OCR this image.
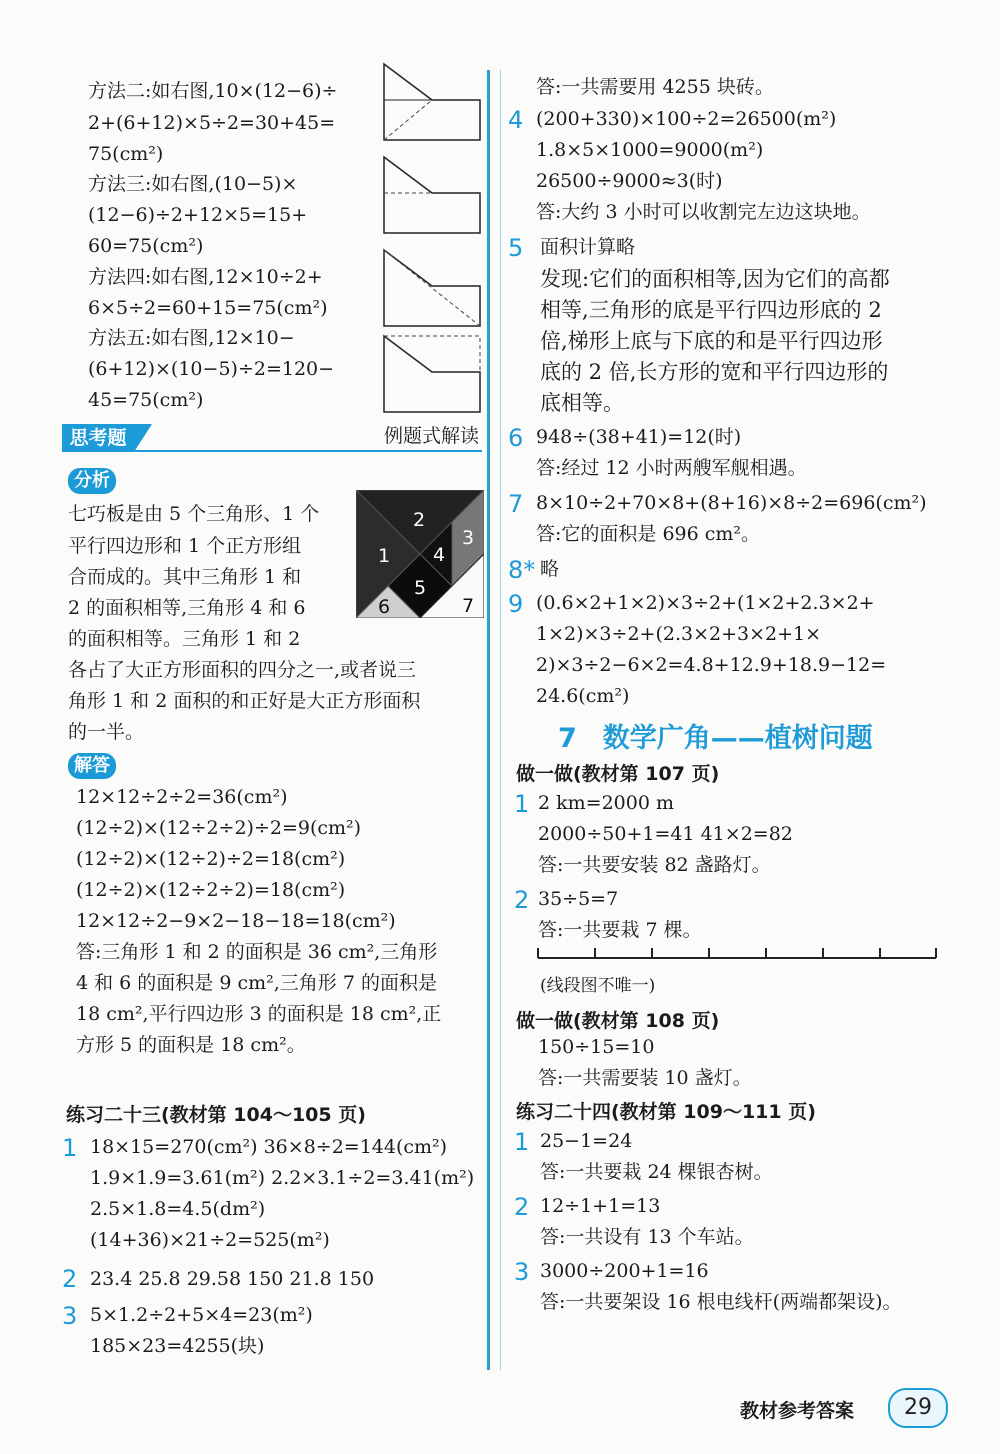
方法二:如右图,10×(12−6)÷
2+(6+12)×5÷2=30+45=
75(cm²)
方法三:如右图,(10−5)×
(12−6)÷2+12×5=15+
60=75(cm²)
方法四:如右图,12×10÷2+
6×5÷2=60+15=75(cm²)
方法五:如右图,12×10−
(6+12)×(10−5)÷2=120−
45=75(cm²)
思考题	例题式解读
分析
七巧板是由 5 个三角形、1 个
平行四边形和 1 个正方形组
合而成的。其中三角形 1 和
2 的面积相等,三角形 4 和 6
的面积相等。三角形 1 和 2
各占了大正方形面积的四分之一,或者说三
角形 1 和 2 面积的和正好是大正方形面积
的一半。
1
2
3
4
5
6	7
解答
12×12÷2÷2=36(cm²)
(12÷2)×(12÷2÷2)÷2=9(cm²)
(12÷2)×(12÷2)÷2=18(cm²)
(12÷2)×(12÷2÷2)=18(cm²)
12×12÷2−9×2−18−18=18(cm²)
答:三角形 1 和 2 的面积是 36 cm²,三角形
4 和 6 的面积是 9 cm²,三角形 7 的面积是
18 cm²,平行四边形 3 的面积是 18 cm²,正
方形 5 的面积是 18 cm²。
练习二十三(教材第 104～105 页)
1 18×15=270(cm²) 36×8÷2=144(cm²)
1.9×1.9=3.61(m²) 2.2×3.1÷2=3.41(m²)
2.5×1.8=4.5(dm²)
(14+36)×21÷2=525(m²)
2 23.4 25.8 29.58 150 21.8 150
3 5×1.2÷2+5×4=23(m²)
185×23=4255(块)
答:一共需要用 4255 块砖。
4 (200+330)×100÷2=26500(m²)
1.8×5×1000=9000(m²)
26500÷9000≈3(时)
答:大约 3 小时可以收割完左边这块地。
5 面积计算略
发现:它们的面积相等,因为它们的高都
相等,三角形的底是平行四边形底的 2
倍,梯形上底与下底的和是平行四边形
底的 2 倍,长方形的宽和平行四边形的
底相等。
6 948÷(38+41)=12(时)
答:经过 12 小时两艘军舰相遇。
7 8×10÷2+70×8+(8+16)×8÷2=696(cm²)
答:它的面积是 696 cm²。
8* 略
9 (0.6×2+1×2)×3÷2+(1×2+2.3×2+
1×2)×3÷2+(2.3×2+3×2+1×
2)×3÷2−6×2=4.8+12.9+18.9−12=
24.6(cm²)
7 数学广角——植树问题
做一做(教材第 107 页)
1 2 km=2000 m
2000÷50+1=41 41×2=82
答:一共要安装 82 盏路灯。
2 35÷5=7
答:一共要栽 7 棵。
(线段图不唯一)
做一做(教材第 108 页)
150÷15=10
答:一共需要装 10 盏灯。
练习二十四(教材第 109～111 页)
1 25−1=24
答:一共要栽 24 棵银杏树。
2 12÷1+1=13
答:一共设有 13 个车站。
3 3000÷200+1=16
答:一共要架设 16 根电线杆(两端都架设)。
教材参考答案	29
